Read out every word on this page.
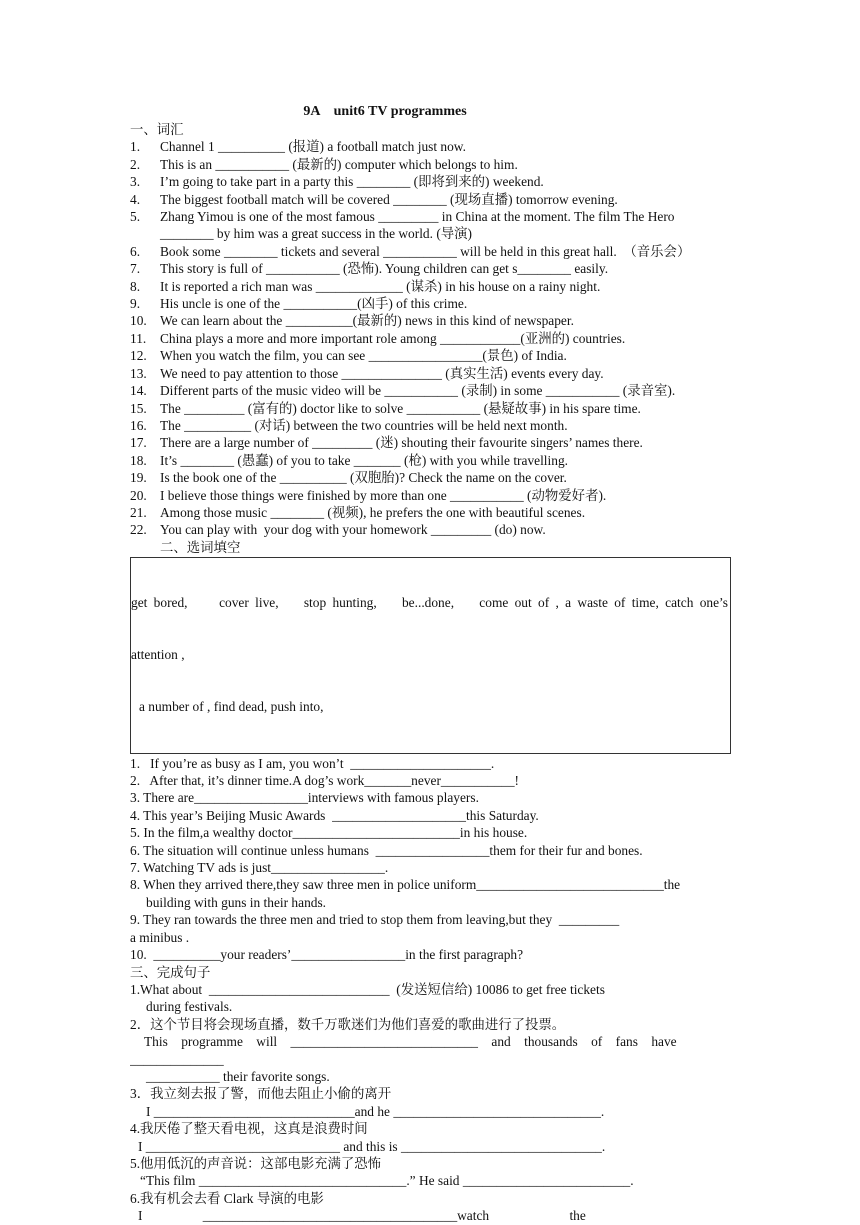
9A    unit6 TV programmes
一、词汇
1.	Channel 1 __________ (报道) a football match just now.
2.	This is an ___________ (最新的) computer which belongs to him.
3.	I’m going to take part in a party this ________ (即将到来的) weekend.
4.	The biggest football match will be covered ________ (现场直播) tomorrow evening.
5.	Zhang Yimou is one of the most famous _________ in China at the moment. The film The Hero ________ by him was a great success in the world. (导演)
6.	Book some ________ tickets and several ___________ will be held in this great hall.  （音乐会）
7.	This story is full of ___________ (恐怖). Young children can get s________ easily.
8.	It is reported a rich man was _____________ (谋杀) in his house on a rainy night.
9.	His uncle is one of the ___________(凶手) of this crime.
10. We can learn about the __________(最新的) news in this kind of newspaper.
11.	China plays a more and more important role among ____________(亚洲的) countries.
12. When you watch the film, you can see _________________(景色) of India.
13. We need to pay attention to those _______________ (真实生活) events every day.
14. Different parts of the music video will be ___________ (录制) in some ___________ (录音室).
15. The _________ (富有的) doctor like to solve ___________ (悬疑故事) in his spare time.
16. The __________ (对话) between the two countries will be held next month.
17. There are a large number of _________ (迷) shouting their favourite singers’ names there.
18. It’s ________ (愚蠢) of you to take _______ (枪) with you while travelling.
19. Is the book one of the __________ (双胞胎)? Check the name on the cover.
20. I believe those things were finished by more than one ___________ (动物爱好者).
21. Among those music ________ (视频), he prefers the one with beautiful scenes.
22. You can play with  your dog with your homework _________ (do) now.
二、选词填空

get bored,     cover live,    stop hunting,    be...done,    come out of , a waste of time, catch one’s

attention ,

a number of , find dead, push into,

1.   If you’re as busy as I am, you won’t  _____________________.
2.   After that, it’s dinner time.A dog’s work_______never___________!
3. There are_________________interviews with famous players.
4. This year’s Beijing Music Awards  ____________________this Saturday.
5. In the film,a wealthy doctor_________________________in his house.
6. The situation will continue unless humans  _________________them for their fur and bones.
7. Watching TV ads is just_________________.
8. When they arrived there,they saw three men in police uniform____________________________the
building with guns in their hands.
9. They ran towards the three men and tried to stop them from leaving,but they  _________
a minibus .
10.  __________your readers’_________________in the first paragraph?
三、完成句子
1.What about  ___________________________  (发送短信给) 10086 to get free tickets
during festivals.
2．这个节目将会现场直播，数千万歌迷们为他们喜爱的歌曲进行了投票。
This    programme    will    ____________________________    and    thousands    of    fans    have
______________
___________ their favorite songs.
3．我立刻去报了警，而他去阻止小偷的离开
I ______________________________and he _______________________________.
4.我厌倦了整天看电视，这真是浪费时间
I _____________________________ and this is ______________________________.
5.他用低沉的声音说：这部电影充满了恐怖
“This film _______________________________.” He said _________________________.
6.我有机会去看 Clark 导演的电影
I                  ______________________________________watch                        the
